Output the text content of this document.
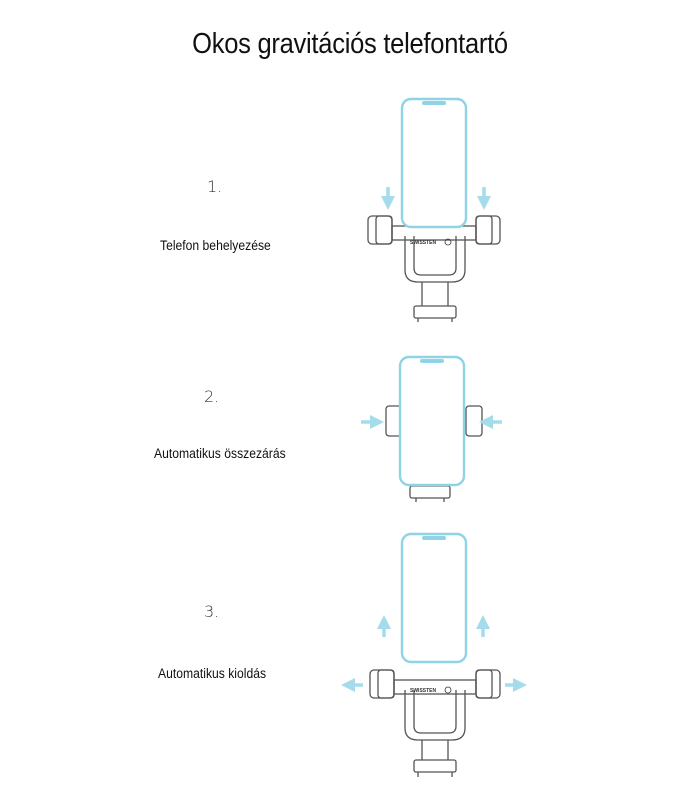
Okos gravitációs telefontartó
1.
Telefon behelyezése
2.
Automatikus összezárás
3.
Automatikus kioldás
SWISSTEN
SWISSTEN
